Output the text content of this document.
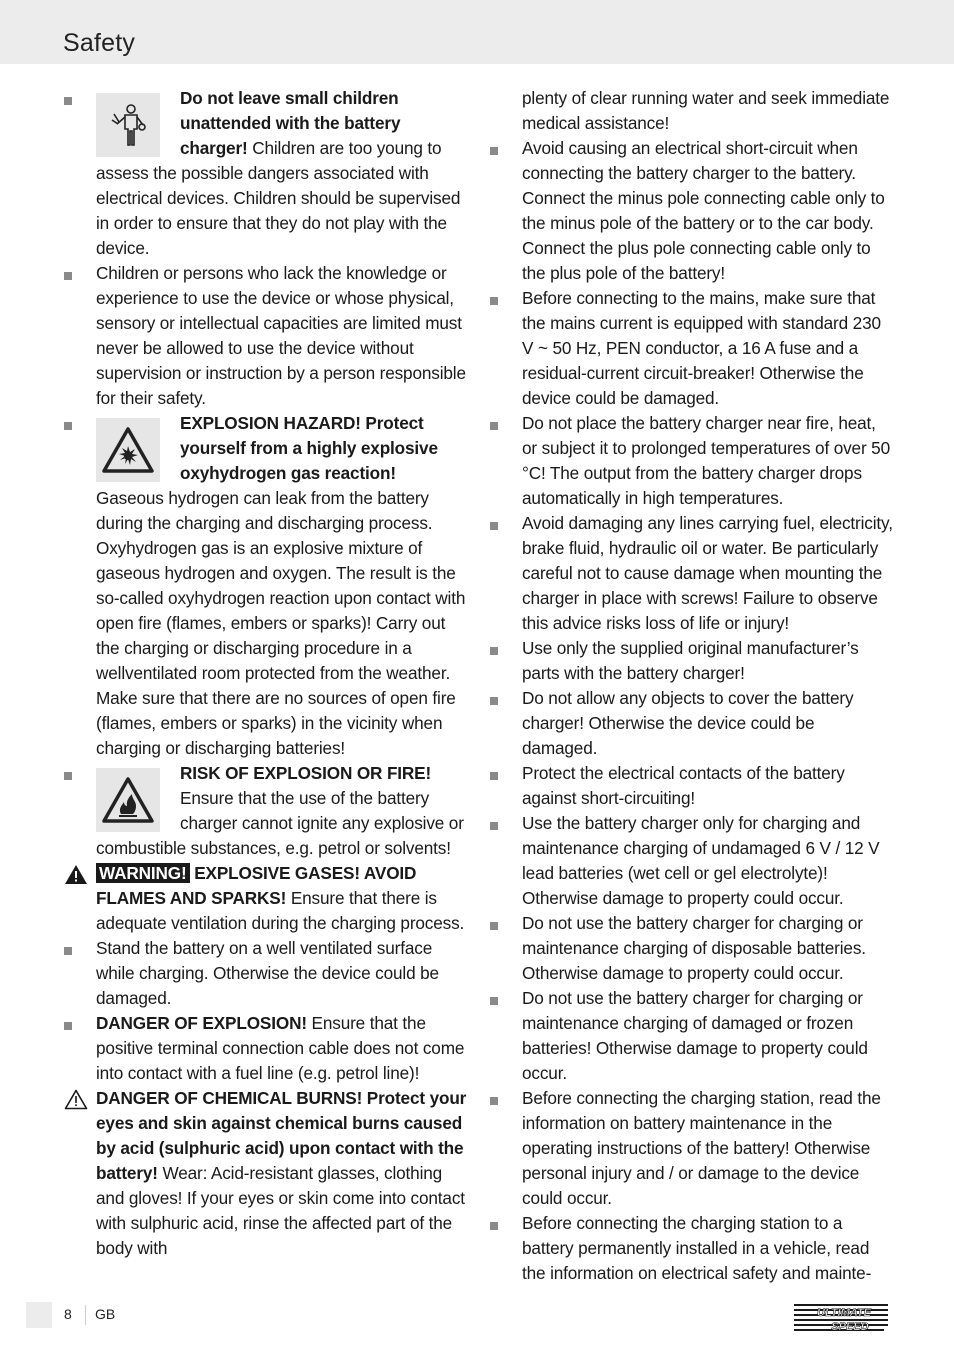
Safety
Do not leave small children unattended with the battery charger! Children are too young to assess the possible dangers associated with electrical devices. Children should be supervised in order to ensure that they do not play with the device.
Children or persons who lack the knowledge or experience to use the device or whose physical, sensory or intellectual capacities are limited must never be allowed to use the device without supervision or instruction by a person responsible for their safety.
EXPLOSION HAZARD! Protect yourself from a highly explosive oxyhydrogen gas reaction! Gaseous hydrogen can leak from the battery during the charging and discharging process. Oxyhydrogen gas is an explosive mixture of gaseous hydrogen and oxygen. The result is the so-called oxyhydrogen reaction upon contact with open fire (flames, embers or sparks)! Carry out the charging or discharging procedure in a wellventilated room protected from the weather. Make sure that there are no sources of open fire (flames, embers or sparks) in the vicinity when charging or discharging batteries!
RISK OF EXPLOSION OR FIRE! Ensure that the use of the battery charger cannot ignite any explosive or combustible substances, e.g. petrol or solvents!
WARNING! EXPLOSIVE GASES! AVOID FLAMES AND SPARKS! Ensure that there is adequate ventilation during the charging process.
Stand the battery on a well ventilated surface while charging. Otherwise the device could be damaged.
DANGER OF EXPLOSION! Ensure that the positive terminal connection cable does not come into contact with a fuel line (e.g. petrol line)!
DANGER OF CHEMICAL BURNS! Protect your eyes and skin against chemical burns caused by acid (sulphuric acid) upon contact with the battery! Wear: Acid-resistant glasses, clothing and gloves! If your eyes or skin come into contact with sulphuric acid, rinse the affected part of the body with
plenty of clear running water and seek immediate medical assistance!
Avoid causing an electrical short-circuit when connecting the battery charger to the battery. Connect the minus pole connecting cable only to the minus pole of the battery or to the car body. Connect the plus pole connecting cable only to the plus pole of the battery!
Before connecting to the mains, make sure that the mains current is equipped with standard 230 V ~ 50 Hz, PEN conductor, a 16 A fuse and a residual-current circuit-breaker! Otherwise the device could be damaged.
Do not place the battery charger near fire, heat, or subject it to prolonged temperatures of over 50 °C! The output from the battery charger drops automatically in high temperatures.
Avoid damaging any lines carrying fuel, electricity, brake fluid, hydraulic oil or water. Be particularly careful not to cause damage when mounting the charger in place with screws! Failure to observe this advice risks loss of life or injury!
Use only the supplied original manufacturer’s parts with the battery charger!
Do not allow any objects to cover the battery charger! Otherwise the device could be damaged.
Protect the electrical contacts of the battery against short-circuiting!
Use the battery charger only for charging and maintenance charging of undamaged 6 V / 12 V lead batteries (wet cell or gel electrolyte)! Otherwise damage to property could occur.
Do not use the battery charger for charging or maintenance charging of disposable batteries. Otherwise damage to property could occur.
Do not use the battery charger for charging or maintenance charging of damaged or frozen batteries! Otherwise damage to property could occur.
Before connecting the charging station, read the information on battery maintenance in the operating instructions of the battery! Otherwise personal injury and / or damage to the device could occur.
Before connecting the charging station to a battery permanently installed in a vehicle, read the information on electrical safety and mainte-
8 GB	ULTIMATE
SPEED
